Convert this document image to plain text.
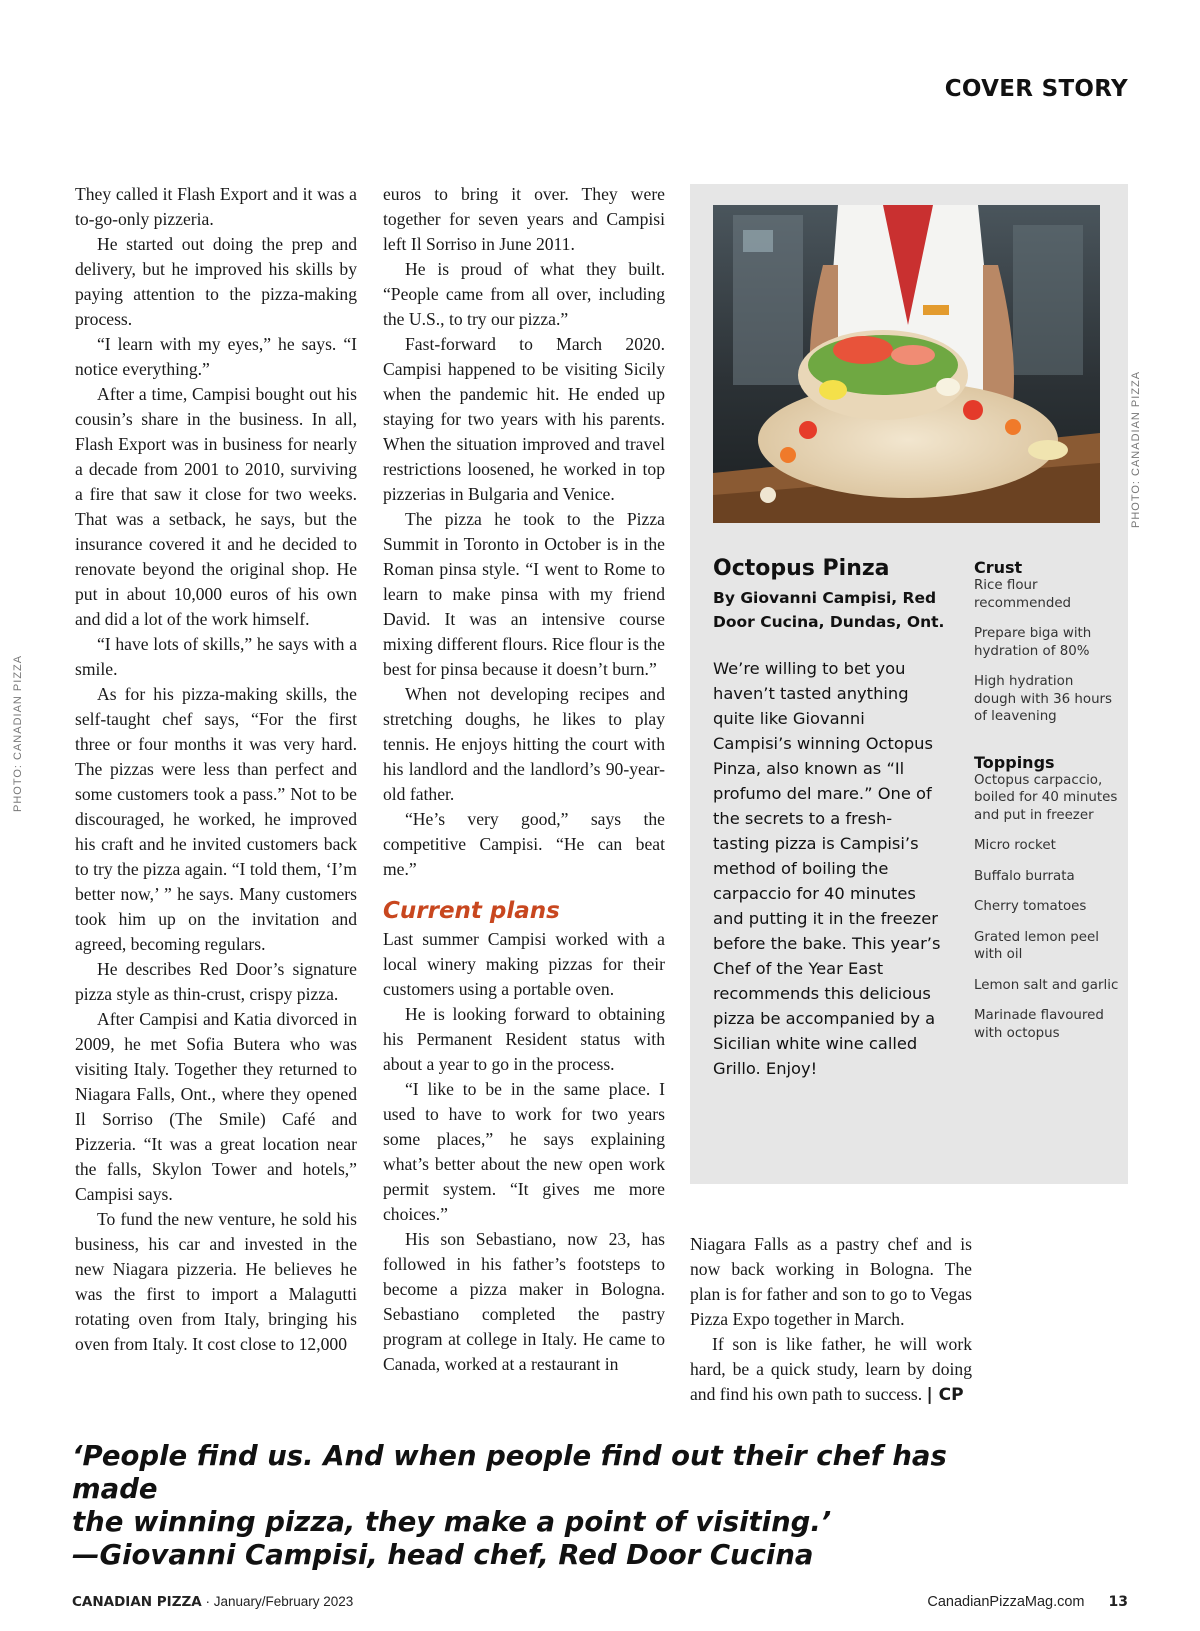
COVER STORY
PHOTO: CANADIAN PIZZA
PHOTO: CANADIAN PIZZA

They called it Flash Export and it was a to-go-only pizzeria.

He started out doing the prep and delivery, but he improved his skills by paying attention to the pizza-making process.

“I learn with my eyes,” he says. “I notice everything.”

After a time, Campisi bought out his cousin’s share in the business. In all, Flash Export was in business for nearly a decade from 2001 to 2010, surviving a fire that saw it close for two weeks. That was a setback, he says, but the insurance covered it and he decided to renovate beyond the original shop. He put in about 10,000 euros of his own and did a lot of the work himself.

“I have lots of skills,” he says with a smile.

As for his pizza-making skills, the self-taught chef says, “For the first three or four months it was very hard. The pizzas were less than perfect and some customers took a pass.” Not to be discouraged, he worked, he improved his craft and he invited customers back to try the pizza again. “I told them, ‘I’m better now,’ ” he says. Many customers took him up on the invitation and agreed, becoming regulars.

He describes Red Door’s signature pizza style as thin-crust, crispy pizza.

After Campisi and Katia divorced in 2009, he met Sofia Butera who was visiting Italy. Together they returned to Niagara Falls, Ont., where they opened Il Sorriso (The Smile) Café and Pizzeria. “It was a great location near the falls, Skylon Tower and hotels,” Campisi says.

To fund the new venture, he sold his business, his car and invested in the new Niagara pizzeria. He believes he was the first to import a Malagutti rotating oven from Italy, bringing his oven from Italy. It cost close to 12,000

euros to bring it over. They were together for seven years and Campisi left Il Sorriso in June 2011.

He is proud of what they built. “People came from all over, including the U.S., to try our pizza.”

Fast-forward to March 2020. Campisi happened to be visiting Sicily when the pandemic hit. He ended up staying for two years with his parents. When the situation improved and travel restrictions loosened, he worked in top pizzerias in Bulgaria and Venice.

The pizza he took to the Pizza Summit in Toronto in October is in the Roman pinsa style. “I went to Rome to learn to make pinsa with my friend David. It was an intensive course mixing different flours. Rice flour is the best for pinsa because it doesn’t burn.”

When not developing recipes and stretching doughs, he likes to play tennis. He enjoys hitting the court with his landlord and the landlord’s 90-year-old father.

“He’s very good,” says the competitive Campisi. “He can beat me.”

Current plans

Last summer Campisi worked with a local winery making pizzas for their customers using a portable oven.

He is looking forward to obtaining his Permanent Resident status with about a year to go in the process.

“I like to be in the same place. I used to have to work for two years some places,” he says explaining what’s better about the new open work permit system. “It gives me more choices.”

His son Sebastiano, now 23, has followed in his father’s footsteps to become a pizza maker in Bologna. Sebastiano completed the pastry program at college in Italy. He came to Canada, worked at a restaurant in

Niagara Falls as a pastry chef and is now back working in Bologna. The plan is for father and son to go to Vegas Pizza Expo together in March.

If son is like father, he will work hard, be a quick study, learn by doing and find his own path to success. | CP

Octopus Pinza
By Giovanni Campisi, Red Door Cucina, Dundas, Ont.

We’re willing to bet you haven’t tasted anything quite like Giovanni Campisi’s winning Octopus Pinza, also known as “Il profumo del mare.” One of the secrets to a fresh-tasting pizza is Campisi’s method of boiling the carpaccio for 40 minutes and putting it in the freezer before the bake. This year’s Chef of the Year East recommends this delicious pizza be accompanied by a Sicilian white wine called Grillo. Enjoy!

Crust
Rice flour recommended
Prepare biga with hydration of 80%
High hydration dough with 36 hours of leavening
Toppings
Octopus carpaccio, boiled for 40 minutes and put in freezer
Micro rocket
Buffalo burrata
Cherry tomatoes
Grated lemon peel with oil
Lemon salt and garlic
Marinade flavoured with octopus
‘People find us. And when people find out their chef has made
the winning pizza, they make a point of visiting.’
—Giovanni Campisi, head chef, Red Door Cucina
CANADIAN PIZZA · January/February 2023	CanadianPizzaMag.com 13
